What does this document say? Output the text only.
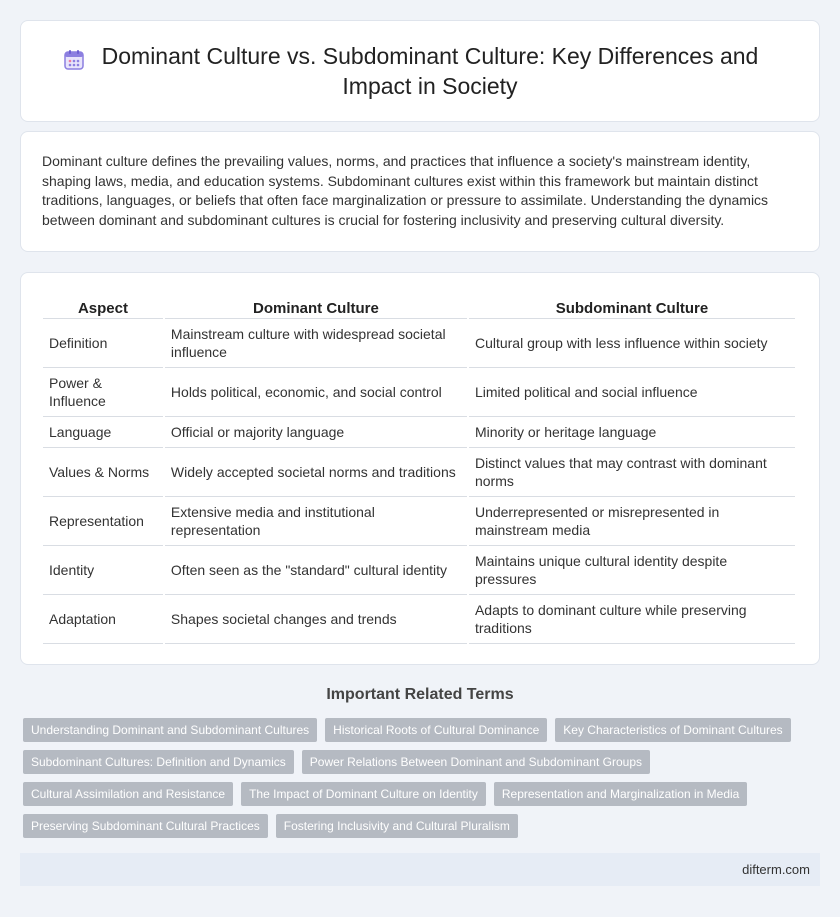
Dominant Culture vs. Subdominant Culture: Key Differences and Impact in Society

Dominant culture defines the prevailing values, norms, and practices that influence a society's mainstream identity, shaping laws, media, and education systems. Subdominant cultures exist within this framework but maintain distinct traditions, languages, or beliefs that often face marginalization or pressure to assimilate. Understanding the dynamics between dominant and subdominant cultures is crucial for fostering inclusivity and preserving cultural diversity.

Aspect	Dominant Culture	Subdominant Culture
Definition	Mainstream culture with widespread societal influence	Cultural group with less influence within society
Power & Influence	Holds political, economic, and social control	Limited political and social influence
Language	Official or majority language	Minority or heritage language
Values & Norms	Widely accepted societal norms and traditions	Distinct values that may contrast with dominant norms
Representation	Extensive media and institutional representation	Underrepresented or misrepresented in mainstream media
Identity	Often seen as the "standard" cultural identity	Maintains unique cultural identity despite pressures
Adaptation	Shapes societal changes and trends	Adapts to dominant culture while preserving traditions
Important Related Terms
Understanding Dominant and Subdominant Cultures	Historical Roots of Cultural Dominance	Key Characteristics of Dominant Cultures
Subdominant Cultures: Definition and Dynamics	Power Relations Between Dominant and Subdominant Groups
Cultural Assimilation and Resistance	The Impact of Dominant Culture on Identity	Representation and Marginalization in Media
Preserving Subdominant Cultural Practices	Fostering Inclusivity and Cultural Pluralism
difterm.com
